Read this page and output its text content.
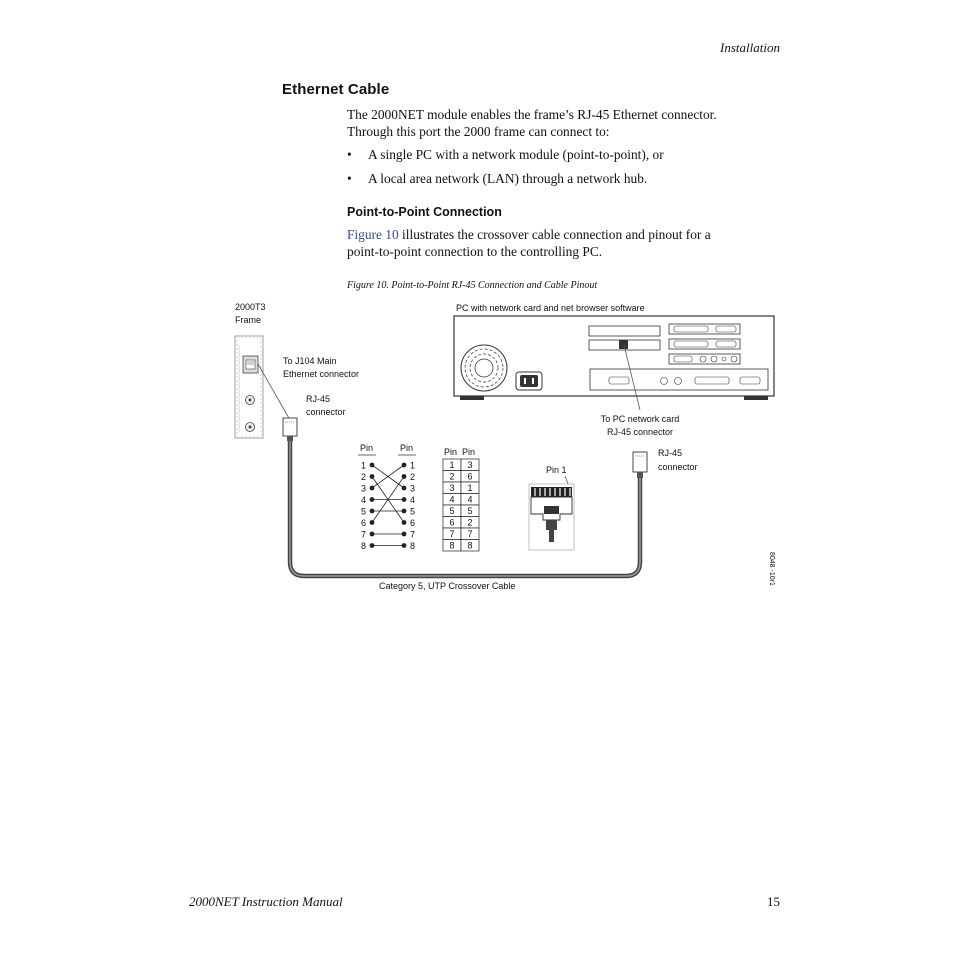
Installation
Ethernet Cable
The 2000NET module enables the frame’s RJ-45 Ethernet connector.
Through this port the 2000 frame can connect to:
• A single PC with a network module (point-to-point), or
• A local area network (LAN) through a network hub.
Point-to-Point Connection
Figure 10 illustrates the crossover cable connection and pinout for a
point-to-point connection to the controlling PC.
Figure 10. Point-to-Point RJ-45 Connection and Cable Pinout
2000T3
Frame
To J104 Main
Ethernet connector
RJ-45
connector
Category 5, UTP Crossover Cable
PC with network card and net browser software
To PC network card
RJ-45 connector
RJ-45
connector
Pin 1
Pin	Pin
1	1
2	2
3	3
4	4
5	5
6	6
7	7
8	8
Pin Pin
1 3
2 6
3 1
4 4
5 5
6 2
7 7
8 8
8048 -10r1
2000NET Instruction Manual	15
